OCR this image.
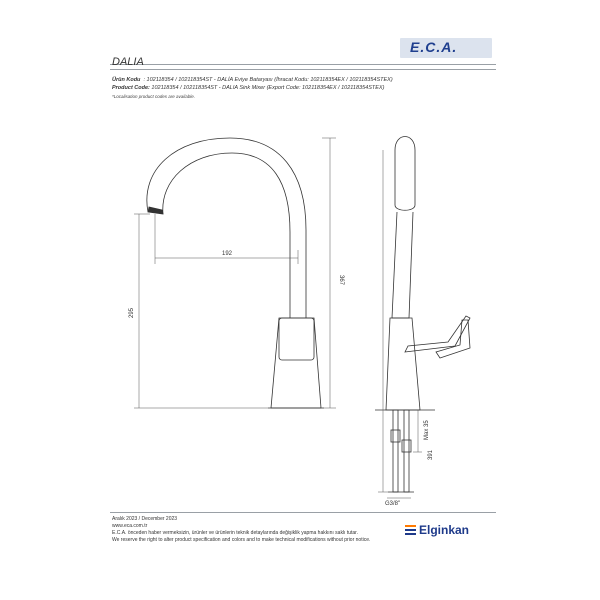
E.C.A.
DALIA
Ürün Kodu : 102118354 / 102118354ST - DALİA Eviye Bataryası (İhracat Kodu: 102118354EX / 102118354STEX)
Product Code: 102118354 / 102118354ST - DALIA Sink Mixer (Export Code: 102118354EX / 102118354STEX)
*Localisation product codes are available.
192
367
295
Max 35
391
G3/8"
Aralık 2023 / December 2023
www.eca.com.tr
E.C.A. önceden haber vermeksizin, ürünler ve ürünlerin teknik detaylarında değişiklik yapma hakkını saklı tutar.
We reserve the right to alter product specification and colors and to make technical modifications without prior notice.
Elginkan
